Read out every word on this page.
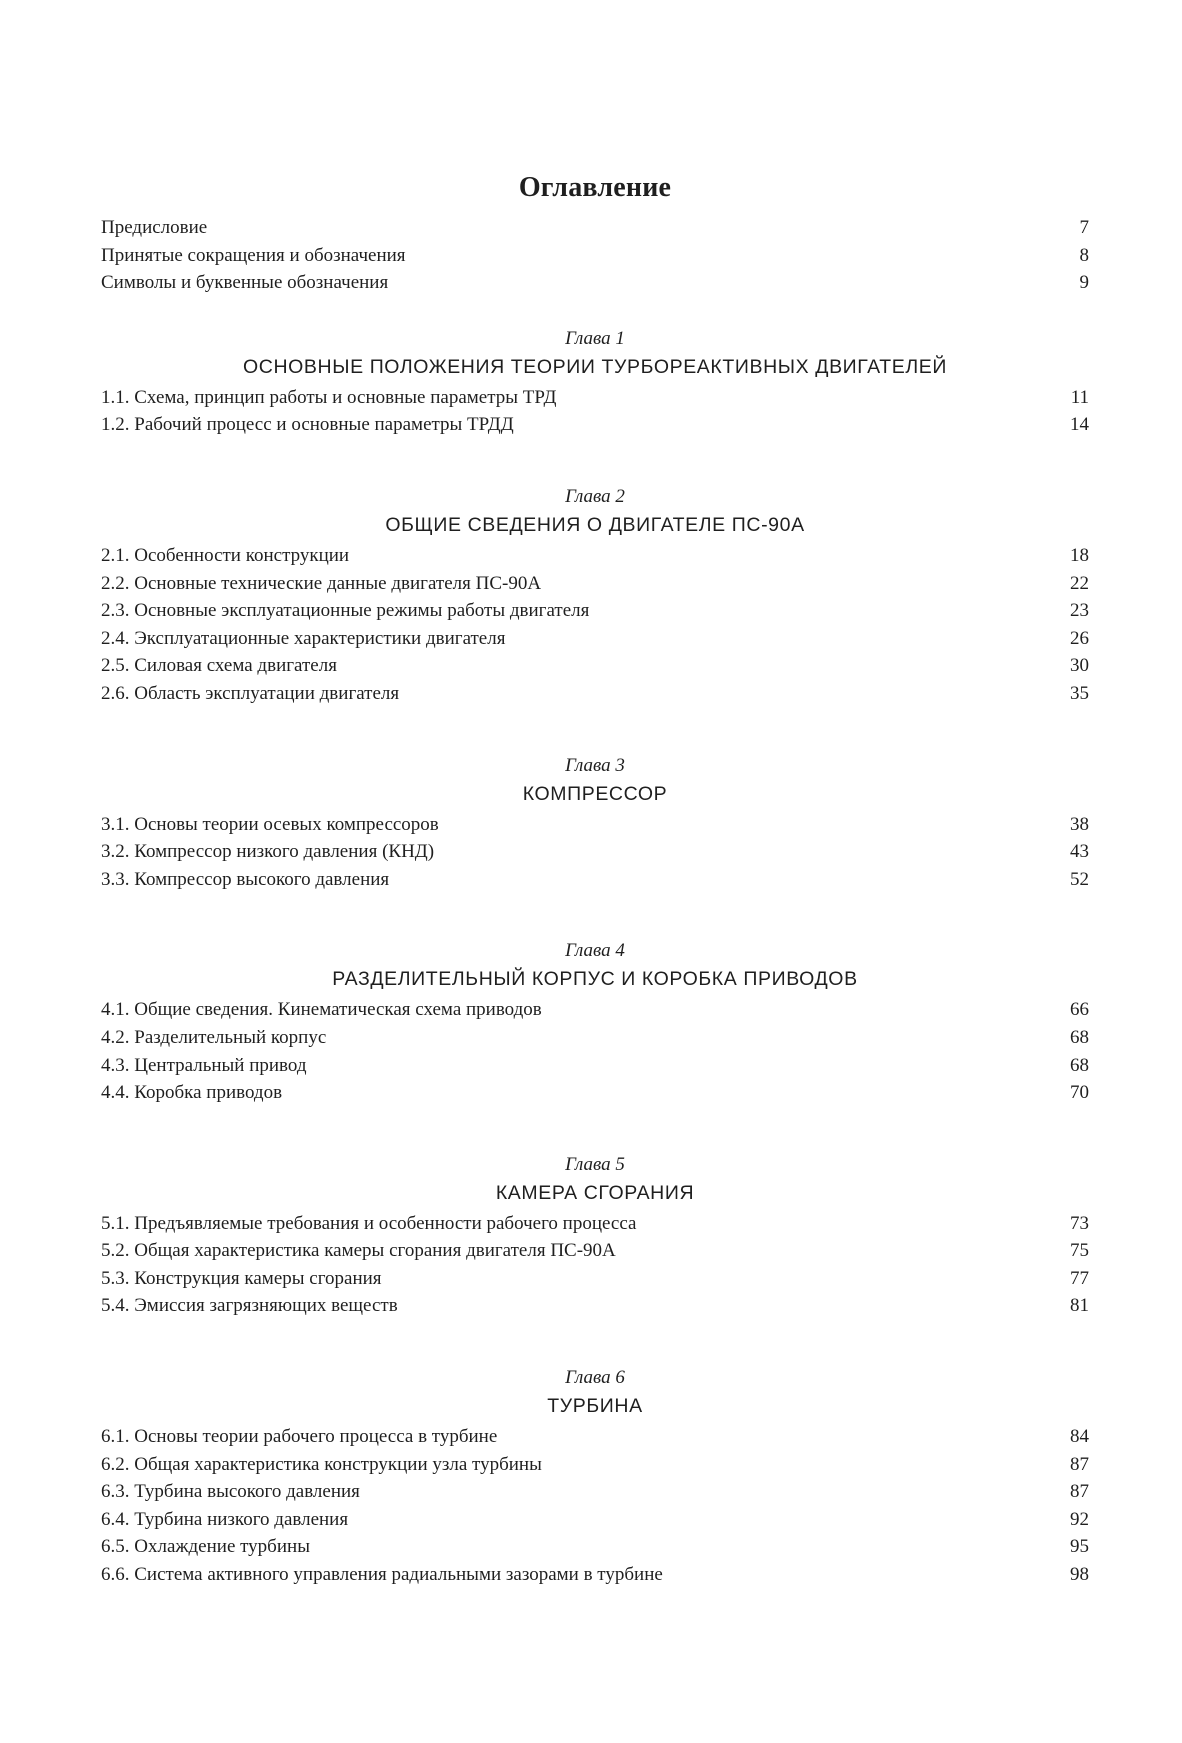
Оглавление
Предисловие	7
Принятые сокращения и обозначения	8
Символы и буквенные обозначения	9
Глава 1
ОСНОВНЫЕ ПОЛОЖЕНИЯ ТЕОРИИ ТУРБОРЕАКТИВНЫХ ДВИГАТЕЛЕЙ
1.1. Схема, принцип работы и основные параметры ТРД	11
1.2. Рабочий процесс и основные параметры ТРДД	14
Глава 2
ОБЩИЕ СВЕДЕНИЯ О ДВИГАТЕЛЕ ПС-90А
2.1. Особенности конструкции	18
2.2. Основные технические данные двигателя ПС-90А	22
2.3. Основные эксплуатационные режимы работы двигателя	23
2.4. Эксплуатационные характеристики двигателя	26
2.5. Силовая схема двигателя	30
2.6. Область эксплуатации двигателя	35
Глава 3
КОМПРЕССОР
3.1. Основы теории осевых компрессоров	38
3.2. Компрессор низкого давления (КНД)	43
3.3. Компрессор высокого давления	52
Глава 4
РАЗДЕЛИТЕЛЬНЫЙ КОРПУС И КОРОБКА ПРИВОДОВ
4.1. Общие сведения. Кинематическая схема приводов	66
4.2. Разделительный корпус	68
4.3. Центральный привод	68
4.4. Коробка приводов	70
Глава 5
КАМЕРА СГОРАНИЯ
5.1. Предъявляемые требования и особенности рабочего процесса	73
5.2. Общая характеристика камеры сгорания двигателя ПС-90А	75
5.3. Конструкция камеры сгорания	77
5.4. Эмиссия загрязняющих веществ	81
Глава 6
ТУРБИНА
6.1. Основы теории рабочего процесса в турбине	84
6.2. Общая характеристика конструкции узла турбины	87
6.3. Турбина высокого давления	87
6.4. Турбина низкого давления	92
6.5. Охлаждение турбины	95
6.6. Система активного управления радиальными зазорами в турбине	98
